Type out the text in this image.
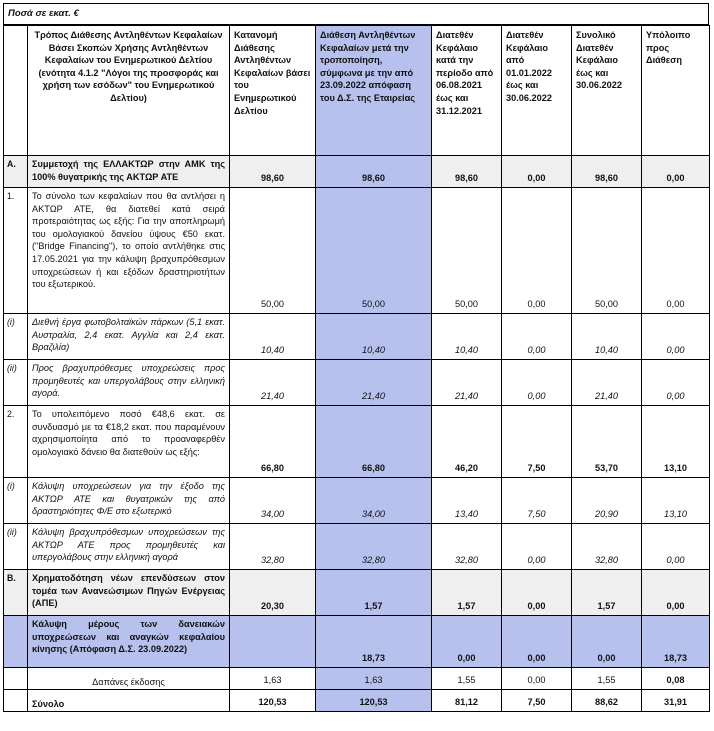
Ποσά σε εκατ. €
	Τρόπος Διάθεσης Αντληθέντων Κεφαλαίων Βάσει Σκοπών Χρήσης Αντληθέντων Κεφαλαίων του Ενημερωτικού Δελτίου (ενότητα 4.1.2 "Λόγοι της προσφοράς και χρήση των εσόδων" του Ενημερωτικού Δελτίου)	Κατανομή Διάθεσης Αντληθέντων Κεφαλαίων βάσει του Ενημερωτικού Δελτίου	Διάθεση Αντληθέντων Κεφαλαίων μετά την τροποποίηση, σύμφωνα με την από 23.09.2022 απόφαση του Δ.Σ. της Εταιρείας	Διατεθέν Κεφάλαιο κατά την περίοδο από 06.08.2021 έως και 31.12.2021	Διατεθέν Κεφάλαιο από 01.01.2022 έως και 30.06.2022	Συνολικό Διατεθέν Κεφάλαιο έως και 30.06.2022	Υπόλοιπο προς Διάθεση
A.	Συμμετοχή της ΕΛΛΑΚΤΩΡ στην ΑΜΚ της 100% θυγατρικής της ΑΚΤΩΡ ΑΤΕ	98,60	98,60	98,60	0,00	98,60	0,00
1.	Το σύνολο των κεφαλαίων που θα αντλήσει η ΑΚΤΩΡ ΑΤΕ, θα διατεθεί κατά σειρά προτεραιότητας ως εξής: Για την αποπληρωμή του ομολογιακού δανείου ύψους €50 εκατ. ("Bridge Financing"), το οποίο αντλήθηκε στις 17.05.2021 για την κάλυψη βραχυπρόθεσμων υποχρεώσεων ή και εξόδων δραστηριοτήτων του εξωτερικού.	50,00	50,00	50,00	0,00	50,00	0,00
(i)	Διεθνή έργα φωτοβολταϊκών πάρκων (5,1 εκατ. Αυστραλία, 2,4 εκατ. Αγγλία και 2,4 εκατ. Βραζιλία)	10,40	10,40	10,40	0,00	10,40	0,00
(ii)	Προς βραχυπρόθεσμες υποχρεώσεις προς προμηθευτές και υπεργολάβους στην ελληνική αγορά.	21,40	21,40	21,40	0,00	21,40	0,00
2.	Το υπολειπόμενο ποσό €48,6 εκατ. σε συνδυασμό με τα €18,2 εκατ. που παραμένουν αχρησιμοποίητα από το προαναφερθέν ομολογιακό δάνειο θα διατεθούν ως εξής:	66,80	66,80	46,20	7,50	53,70	13,10
(i)	Κάλυψη υποχρεώσεων για την έξοδο της ΑΚΤΩΡ ΑΤΕ και θυγατρικών της από δραστηριότητες Φ/Ε στο εξωτερικό	34,00	34,00	13,40	7,50	20,90	13,10
(ii)	Κάλυψη βραχυπρόθεσμων υποχρεώσεων της ΑΚΤΩΡ ΑΤΕ προς προμηθευτές και υπεργολάβους στην ελληνική αγορά	32,80	32,80	32,80	0,00	32,80	0,00
B.	Χρηματοδότηση νέων επενδύσεων στον τομέα των Ανανεώσιμων Πηγών Ενέργειας (ΑΠΕ)	20,30	1,57	1,57	0,00	1,57	0,00
	Κάλυψη μέρους των δανειακών υποχρεώσεων και αναγκών κεφαλαίου κίνησης (Απόφαση Δ.Σ. 23.09.2022)		18,73	0,00	0,00	0,00	18,73
	Δαπάνες έκδοσης	1,63	1,63	1,55	0,00	1,55	0,08
	Σύνολο	120,53	120,53	81,12	7,50	88,62	31,91
